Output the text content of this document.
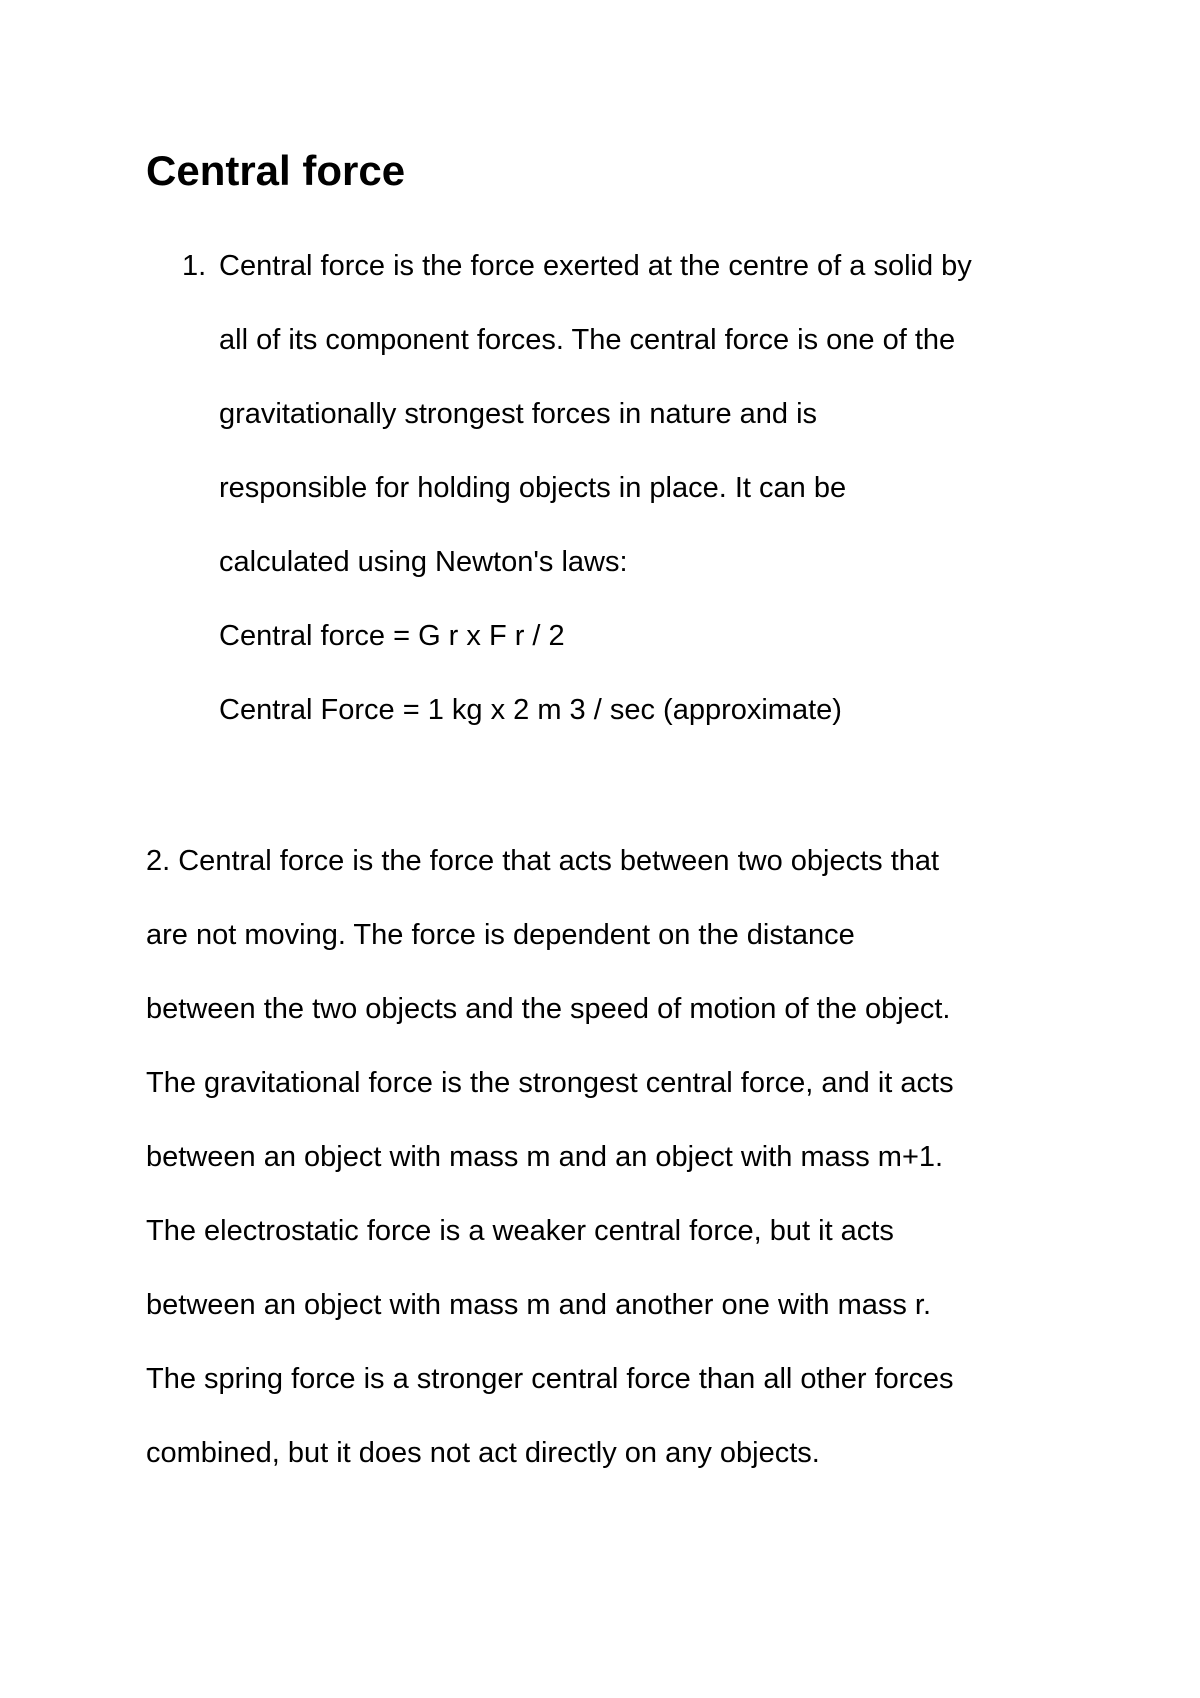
Central force
1. Central force is the force exerted at the centre of a solid by
all of its component forces. The central force is one of the
gravitationally strongest forces in nature and is
responsible for holding objects in place. It can be
calculated using Newton's laws:
Central force = G r x F r / 2
Central Force = 1 kg x 2 m 3 / sec (approximate)
2. Central force is the force that acts between two objects that
are not moving. The force is dependent on the distance
between the two objects and the speed of motion of the object.
The gravitational force is the strongest central force, and it acts
between an object with mass m and an object with mass m+1.
The electrostatic force is a weaker central force, but it acts
between an object with mass m and another one with mass r.
The spring force is a stronger central force than all other forces
combined, but it does not act directly on any objects.
